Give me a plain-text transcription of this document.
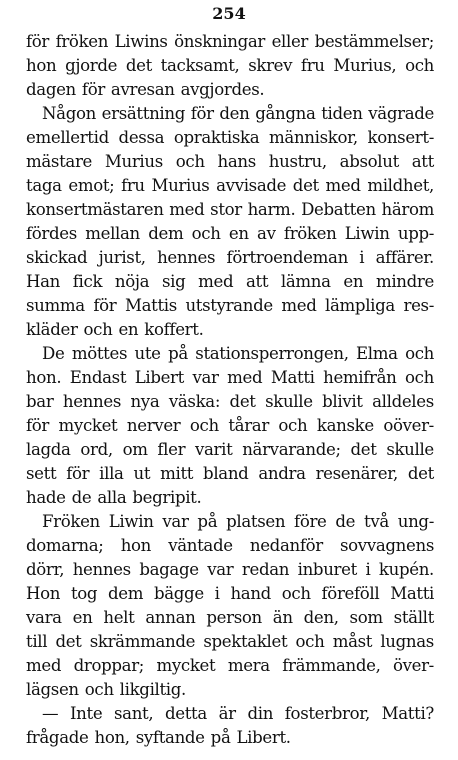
254
för fröken Liwins önskningar eller bestämmelser;
hon gjorde det tacksamt, skrev fru Murius, och
dagen för avresan avgjordes.
Någon ersättning för den gångna tiden vägrade
emellertid dessa opraktiska människor, konsert-
mästare Murius och hans hustru, absolut att
taga emot; fru Murius avvisade det med mildhet,
konsertmästaren med stor harm. Debatten härom
fördes mellan dem och en av fröken Liwin upp-
skickad jurist, hennes förtroendeman i affärer.
Han fick nöja sig med att lämna en mindre
summa för Mattis utstyrande med lämpliga res-
kläder och en koffert.
De möttes ute på stationsperrongen, Elma och
hon. Endast Libert var med Matti hemifrån och
bar hennes nya väska: det skulle blivit alldeles
för mycket nerver och tårar och kanske oöver-
lagda ord, om fler varit närvarande; det skulle
sett för illa ut mitt bland andra resenärer, det
hade de alla begripit.
Fröken Liwin var på platsen före de två ung-
domarna; hon väntade nedanför sovvagnens
dörr, hennes bagage var redan inburet i kupén.
Hon tog dem bägge i hand och föreföll Matti
vara en helt annan person än den, som ställt
till det skrämmande spektaklet och måst lugnas
med droppar; mycket mera främmande, över-
lägsen och likgiltig.
— Inte sant, detta är din fosterbror, Matti?
frågade hon, syftande på Libert.
